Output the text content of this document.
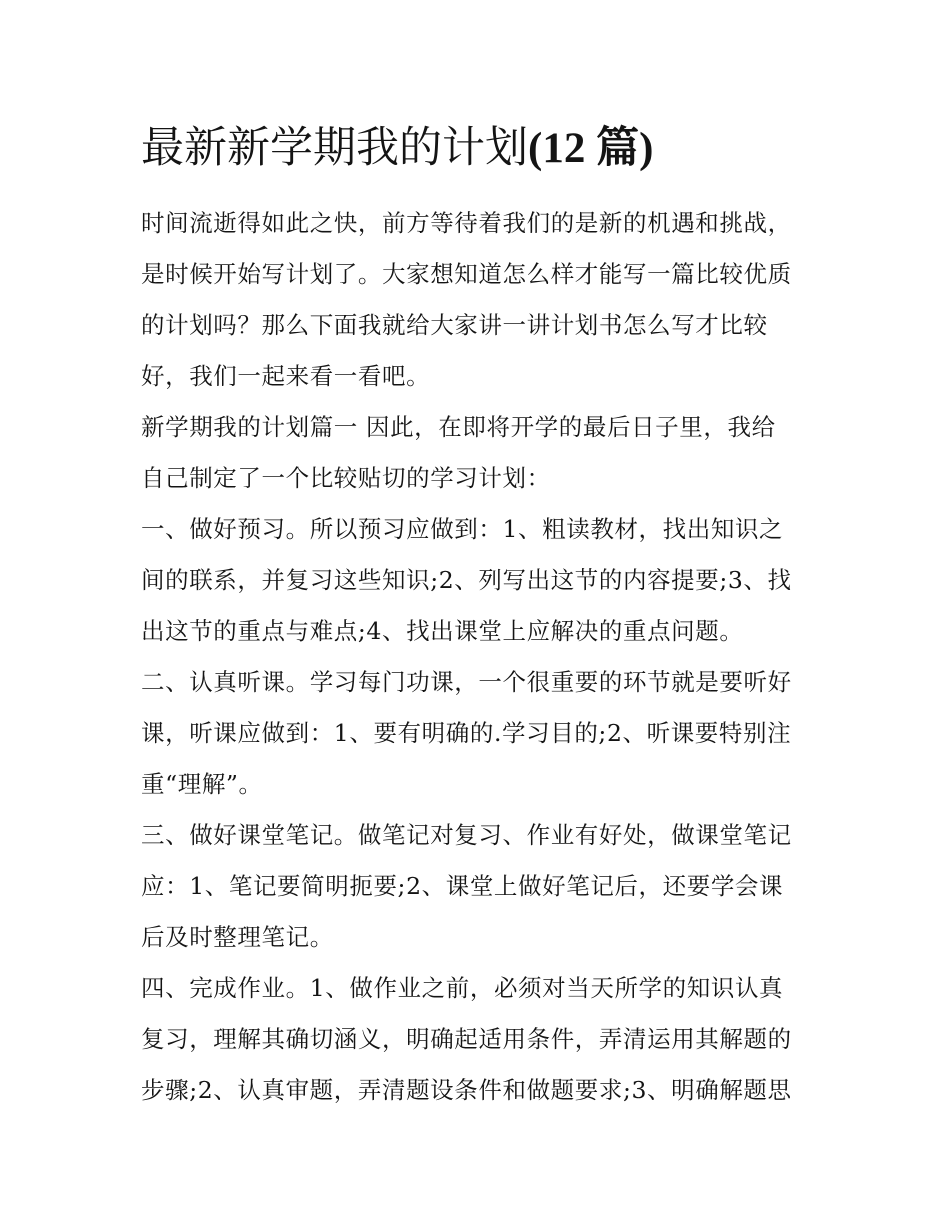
最新新学期我的计划(12 篇)
时间流逝得如此之快，前方等待着我们的是新的机遇和挑战，
是时候开始写计划了。大家想知道怎么样才能写一篇比较优质
的计划吗？那么下面我就给大家讲一讲计划书怎么写才比较
好，我们一起来看一看吧。
新学期我的计划篇一 因此，在即将开学的最后日子里，我给
自己制定了一个比较贴切的学习计划：
一、做好预习。所以预习应做到：1、粗读教材，找出知识之
间的联系，并复习这些知识;2、列写出这节的内容提要;3、找
出这节的重点与难点;4、找出课堂上应解决的重点问题。
二、认真听课。学习每门功课，一个很重要的环节就是要听好
课，听课应做到：1、要有明确的.学习目的;2、听课要特别注
重“理解”。
三、做好课堂笔记。做笔记对复习、作业有好处，做课堂笔记
应：1、笔记要简明扼要;2、课堂上做好笔记后，还要学会课
后及时整理笔记。
四、完成作业。1、做作业之前，必须对当天所学的知识认真
复习，理解其确切涵义，明确起适用条件，弄清运用其解题的
步骤;2、认真审题，弄清题设条件和做题要求;3、明确解题思
